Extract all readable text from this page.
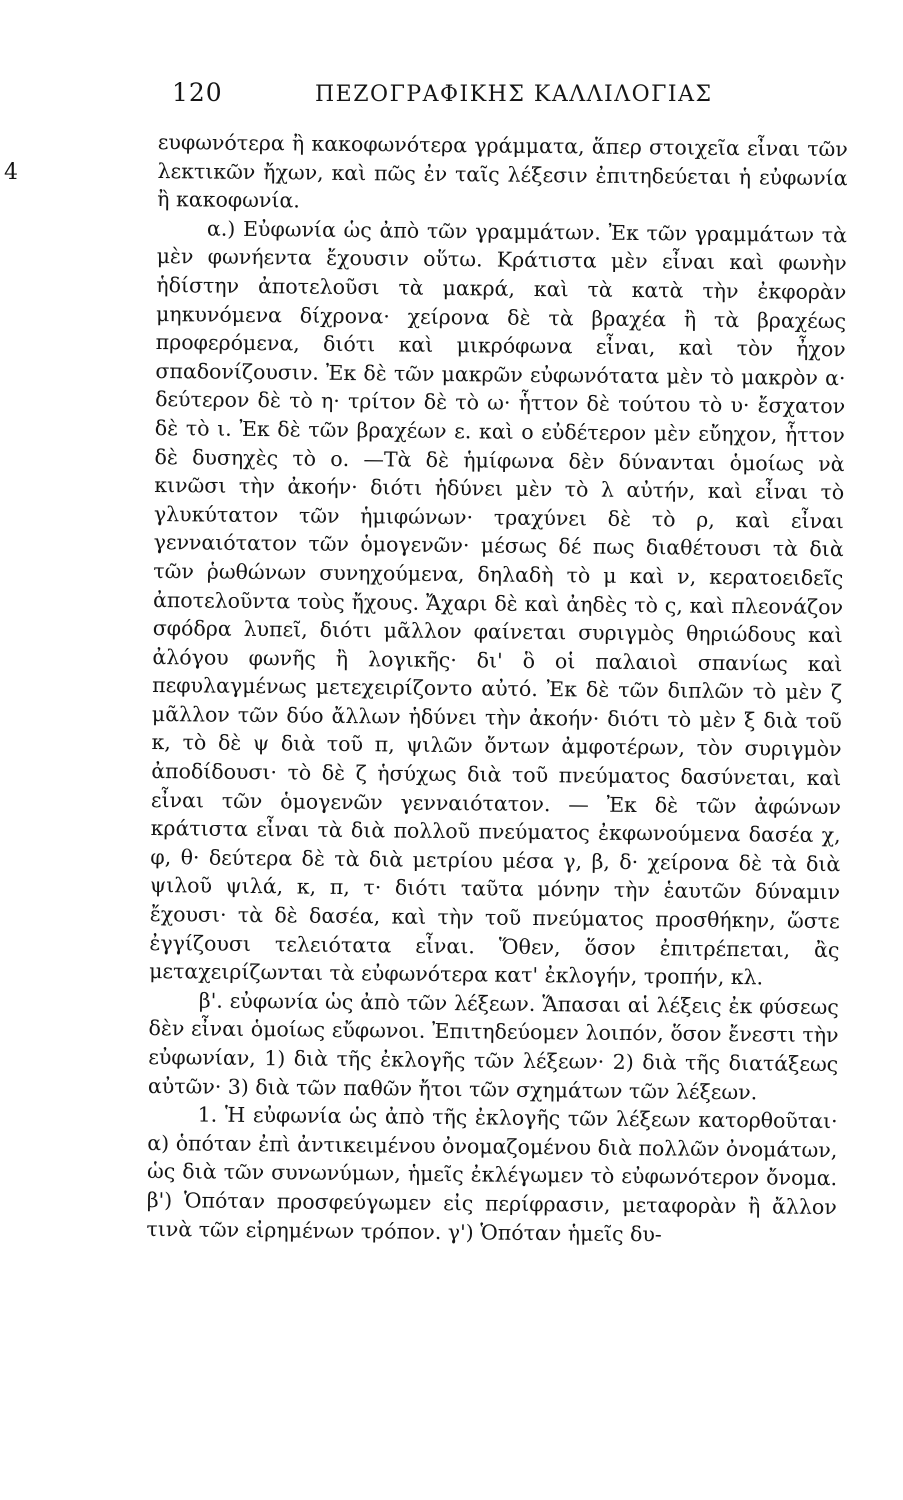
120	ΠΕΖΟΓΡΑΦΙΚΗΣ ΚΑΛΛΙΛΟΓΙΑΣ
4

ευφωνότερα ἢ κακοφωνότερα γράμματα, ἅπερ στοιχεῖα εἶναι τῶν λεκτικῶν ἤχων, καὶ πῶς ἐν ταῖς λέξεσιν ἐπιτηδεύεται ἡ εὐφωνία ἢ κακοφωνία.

α.) Εὐφωνία ὡς ἀπὸ τῶν γραμμάτων. Ἐκ τῶν γραμμάτων τὰ μὲν φωνήεντα ἔχουσιν οὕτω. Κράτιστα μὲν εἶναι καὶ φωνὴν ἡδίστην ἀποτελοῦσι τὰ μακρά, καὶ τὰ κατὰ τὴν ἐκφορὰν μηκυνόμενα δίχρονα· χείρονα δὲ τὰ βραχέα ἢ τὰ βραχέως προφερόμενα, διότι καὶ μικρόφωνα εἶναι, καὶ τὸν ἦχον σπαδονίζουσιν. Ἐκ δὲ τῶν μακρῶν εὐφωνότατα μὲν τὸ μακρὸν α· δεύτερον δὲ τὸ η· τρίτον δὲ τὸ ω· ἧττον δὲ τούτου τὸ υ· ἔσχατον δὲ τὸ ι. Ἐκ δὲ τῶν βραχέων ε. καὶ ο εὐδέτερον μὲν εὔηχον, ἧττον δὲ δυσηχὲς τὸ ο. —Τὰ δὲ ἡμίφωνα δὲν δύνανται ὁμοίως νὰ κινῶσι τὴν ἀκοήν· διότι ἡδύνει μὲν τὸ λ αὐτήν, καὶ εἶναι τὸ γλυκύτατον τῶν ἡμιφώνων· τραχύνει δὲ τὸ ρ, καὶ εἶναι γενναιότατον τῶν ὁμογενῶν· μέσως δέ πως διαθέτουσι τὰ διὰ τῶν ῥωθώνων συνηχούμενα, δηλαδὴ τὸ μ καὶ ν, κερατοειδεῖς ἀποτελοῦντα τοὺς ἤχους. Ἄχαρι δὲ καὶ ἀηδὲς τὸ ς, καὶ πλεονάζον σφόδρα λυπεῖ, διότι μᾶλλον φαίνεται συριγμὸς θηριώδους καὶ ἀλόγου φωνῆς ἢ λογικῆς· δι' ὃ οἱ παλαιοὶ σπανίως καὶ πεφυλαγμένως μετεχειρίζοντο αὐτό. Ἐκ δὲ τῶν διπλῶν τὸ μὲν ζ μᾶλλον τῶν δύο ἄλλων ἡδύνει τὴν ἀκοήν· διότι τὸ μὲν ξ διὰ τοῦ κ, τὸ δὲ ψ διὰ τοῦ π, ψιλῶν ὄντων ἀμφοτέρων, τὸν συριγμὸν ἀποδίδουσι· τὸ δὲ ζ ἡσύχως διὰ τοῦ πνεύματος δασύνεται, καὶ εἶναι τῶν ὁμογενῶν γενναιότατον. — Ἐκ δὲ τῶν ἀφώνων κράτιστα εἶναι τὰ διὰ πολλοῦ πνεύματος ἐκφωνούμενα δασέα χ, φ, θ· δεύτερα δὲ τὰ διὰ μετρίου μέσα γ, β, δ· χείρονα δὲ τὰ διὰ ψιλοῦ ψιλά, κ, π, τ· διότι ταῦτα μόνην τὴν ἑαυτῶν δύναμιν ἔχουσι· τὰ δὲ δασέα, καὶ τὴν τοῦ πνεύματος προσθήκην, ὥστε ἐγγίζουσι τελειότατα εἶναι. Ὅθεν, ὅσον ἐπιτρέπεται, ἂς μεταχειρίζωνται τὰ εὐφωνότερα κατ' ἐκλογήν, τροπήν, κλ.

β'. εὐφωνία ὡς ἀπὸ τῶν λέξεων. Ἅπασαι αἱ λέξεις ἐκ φύσεως δὲν εἶναι ὁμοίως εὔφωνοι. Ἐπιτηδεύομεν λοιπόν, ὅσον ἔνεστι τὴν εὐφωνίαν, 1) διὰ τῆς ἐκλογῆς τῶν λέξεων· 2) διὰ τῆς διατάξεως αὐτῶν· 3) διὰ τῶν παθῶν ἤτοι τῶν σχημάτων τῶν λέξεων.

1. Ἡ εὐφωνία ὡς ἀπὸ τῆς ἐκλογῆς τῶν λέξεων κατορθοῦται· α) ὁπόταν ἐπὶ ἀντικειμένου ὀνομαζομένου διὰ πολλῶν ὀνομάτων, ὡς διὰ τῶν συνωνύμων, ἡμεῖς ἐκλέγωμεν τὸ εὐφωνότερον ὄνομα. β') Ὁπόταν προσφεύγωμεν εἰς περίφρασιν, μεταφορὰν ἢ ἄλλον τινὰ τῶν εἰρημένων τρόπον. γ') Ὁπόταν ἡμεῖς δυ-
